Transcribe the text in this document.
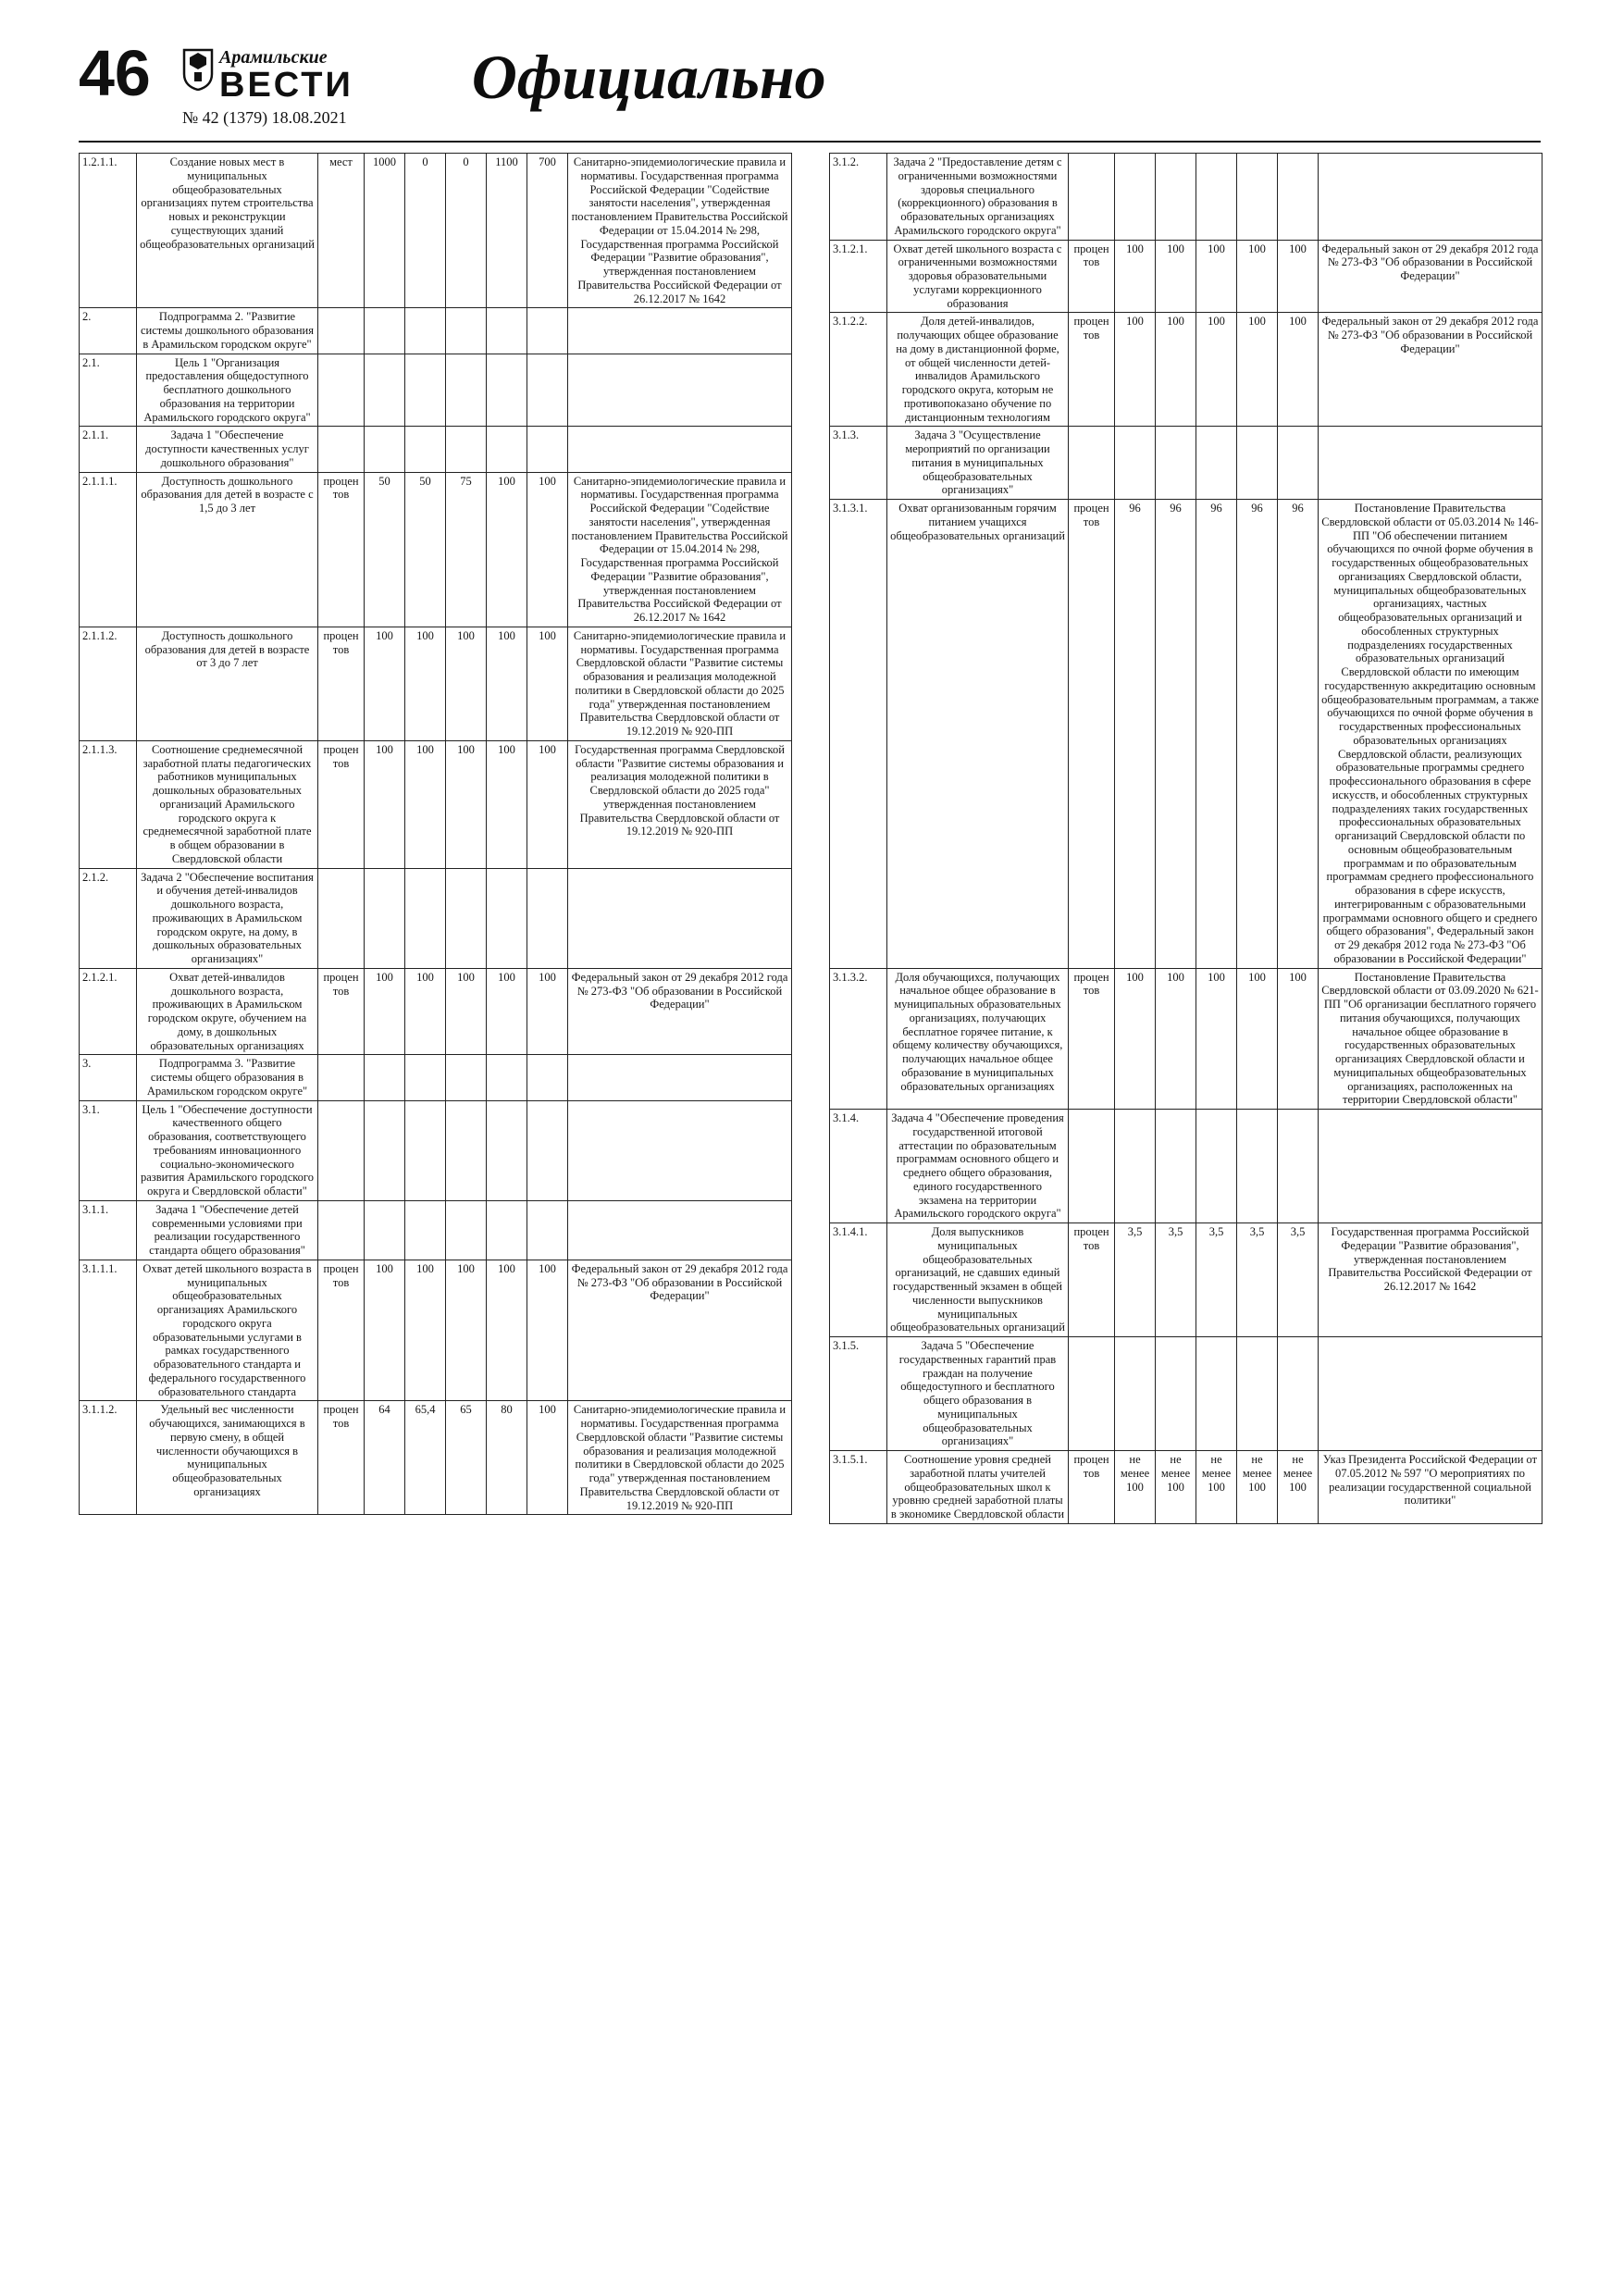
46	Арамильские
ВЕСТИ
№ 42 (1379) 18.08.2021
Официально
1.2.1.1.	Создание новых мест в муниципальных общеобразовательных организациях путем строительства новых и реконструкции существующих зданий общеобразовательных организаций	мест	1000	0	0	1100	700	Санитарно-эпидемиологические правила и нормативы. Государственная программа Российской Федерации "Содействие занятости населения", утвержденная постановлением Правительства Российской Федерации от 15.04.2014 № 298, Государственная программа Российской Федерации "Развитие образования", утвержденная постановлением Правительства Российской Федерации от 26.12.2017 № 1642
2.	Подпрограмма 2. "Развитие системы дошкольного образования в Арамильском городском округе"							
2.1.	Цель 1 "Организация предоставления общедоступного бесплатного дошкольного образования на территории Арамильского городского округа"							
2.1.1.	Задача 1 "Обеспечение доступности качественных услуг дошкольного образования"							
2.1.1.1.	Доступность дошкольного образования для детей в возрасте с 1,5 до 3 лет	процентов	50	50	75	100	100	Санитарно-эпидемиологические правила и нормативы. Государственная программа Российской Федерации "Содействие занятости населения", утвержденная постановлением Правительства Российской Федерации от 15.04.2014 № 298, Государственная программа Российской Федерации "Развитие образования", утвержденная постановлением Правительства Российской Федерации от 26.12.2017 № 1642
2.1.1.2.	Доступность дошкольного образования для детей в возрасте от 3 до 7 лет	процентов	100	100	100	100	100	Санитарно-эпидемиологические правила и нормативы. Государственная программа Свердловской области "Развитие системы образования и реализация молодежной политики в Свердловской области до 2025 года" утвержденная постановлением Правительства Свердловской области от 19.12.2019 № 920-ПП
2.1.1.3.	Соотношение среднемесячной заработной платы педагогических работников муниципальных дошкольных образовательных организаций Арамильского городского округа к среднемесячной заработной плате в общем образовании в Свердловской области	процентов	100	100	100	100	100	Государственная программа Свердловской области "Развитие системы образования и реализация молодежной политики в Свердловской области до 2025 года" утвержденная постановлением Правительства Свердловской области от 19.12.2019 № 920-ПП
2.1.2.	Задача 2 "Обеспечение воспитания и обучения детей-инвалидов дошкольного возраста, проживающих в Арамильском городском округе, на дому, в дошкольных образовательных организациях"							
2.1.2.1.	Охват детей-инвалидов дошкольного возраста, проживающих в Арамильском городском округе, обучением на дому, в дошкольных образовательных организациях	процентов	100	100	100	100	100	Федеральный закон от 29 декабря 2012 года № 273-ФЗ "Об образовании в Российской Федерации"
3.	Подпрограмма 3. "Развитие системы общего образования в Арамильском городском округе"							
3.1.	Цель 1 "Обеспечение доступности качественного общего образования, соответствующего требованиям инновационного социально-экономического развития Арамильского городского округа и Свердловской области"							
3.1.1.	Задача 1 "Обеспечение детей современными условиями при реализации государственного стандарта общего образования"							
3.1.1.1.	Охват детей школьного возраста в муниципальных общеобразовательных организациях Арамильского городского округа образовательными услугами в рамках государственного образовательного стандарта и федерального государственного образовательного стандарта	процентов	100	100	100	100	100	Федеральный закон от 29 декабря 2012 года № 273-ФЗ "Об образовании в Российской Федерации"
3.1.1.2.	Удельный вес численности обучающихся, занимающихся в первую смену, в общей численности обучающихся в муниципальных общеобразовательных организациях	процентов	64	65,4	65	80	100	Санитарно-эпидемиологические правила и нормативы. Государственная программа Свердловской области "Развитие системы образования и реализация молодежной политики в Свердловской области до 2025 года" утвержденная постановлением Правительства Свердловской области от 19.12.2019 № 920-ПП
3.1.2.	Задача 2 "Предоставление детям с ограниченными возможностями здоровья специального (коррекционного) образования в образовательных организациях Арамильского городского округа"							
3.1.2.1.	Охват детей школьного возраста с ограниченными возможностями здоровья образовательными услугами коррекционного образования	процентов	100	100	100	100	100	Федеральный закон от 29 декабря 2012 года № 273-ФЗ "Об образовании в Российской Федерации"
3.1.2.2.	Доля детей-инвалидов, получающих общее образование на дому в дистанционной форме, от общей численности детей-инвалидов Арамильского городского округа, которым не противопоказано обучение по дистанционным технологиям	процентов	100	100	100	100	100	Федеральный закон от 29 декабря 2012 года № 273-ФЗ "Об образовании в Российской Федерации"
3.1.3.	Задача 3 "Осуществление мероприятий по организации питания в муниципальных общеобразовательных организациях"							
3.1.3.1.	Охват организованным горячим питанием учащихся общеобразовательных организаций	процентов	96	96	96	96	96	Постановление Правительства Свердловской области от 05.03.2014 № 146-ПП "Об обеспечении питанием обучающихся по очной форме обучения в государственных общеобразовательных организациях Свердловской области, муниципальных общеобразовательных организациях, частных общеобразовательных организаций и обособленных структурных подразделениях государственных образовательных организаций Свердловской области по имеющим государственную аккредитацию основным общеобразовательным программам, а также обучающихся по очной форме обучения в государственных профессиональных образовательных организациях Свердловской области, реализующих образовательные программы среднего профессионального образования в сфере искусств, и обособленных структурных подразделениях таких государственных профессиональных образовательных организаций Свердловской области по основным общеобразовательным программам и по образовательным программам среднего профессионального образования в сфере искусств, интегрированным с образовательными программами основного общего и среднего общего образования", Федеральный закон от 29 декабря 2012 года № 273-ФЗ "Об образовании в Российской Федерации"
3.1.3.2.	Доля обучающихся, получающих начальное общее образование в муниципальных образовательных организациях, получающих бесплатное горячее питание, к общему количеству обучающихся, получающих начальное общее образование в муниципальных образовательных организациях	процентов	100	100	100	100	100	Постановление Правительства Свердловской области от 03.09.2020 № 621-ПП "Об организации бесплатного горячего питания обучающихся, получающих начальное общее образование в государственных образовательных организациях Свердловской области и муниципальных общеобразовательных организациях, расположенных на территории Свердловской области"
3.1.4.	Задача 4 "Обеспечение проведения государственной итоговой аттестации по образовательным программам основного общего и среднего общего образования, единого государственного экзамена на территории Арамильского городского округа"							
3.1.4.1.	Доля выпускников муниципальных общеобразовательных организаций, не сдавших единый государственный экзамен в общей численности выпускников муниципальных общеобразовательных организаций	процентов	3,5	3,5	3,5	3,5	3,5	Государственная программа Российской Федерации "Развитие образования", утвержденная постановлением Правительства Российской Федерации от 26.12.2017 № 1642
3.1.5.	Задача 5 "Обеспечение государственных гарантий прав граждан на получение общедоступного и бесплатного общего образования в муниципальных общеобразовательных организациях"							
3.1.5.1.	Соотношение уровня средней заработной платы учителей общеобразовательных школ к уровню средней заработной платы в экономике Свердловской области	процентов	не менее 100	не менее 100	не менее 100	не менее 100	не менее 100	Указ Президента Российской Федерации от 07.05.2012 № 597 "О мероприятиях по реализации государственной социальной политики"
